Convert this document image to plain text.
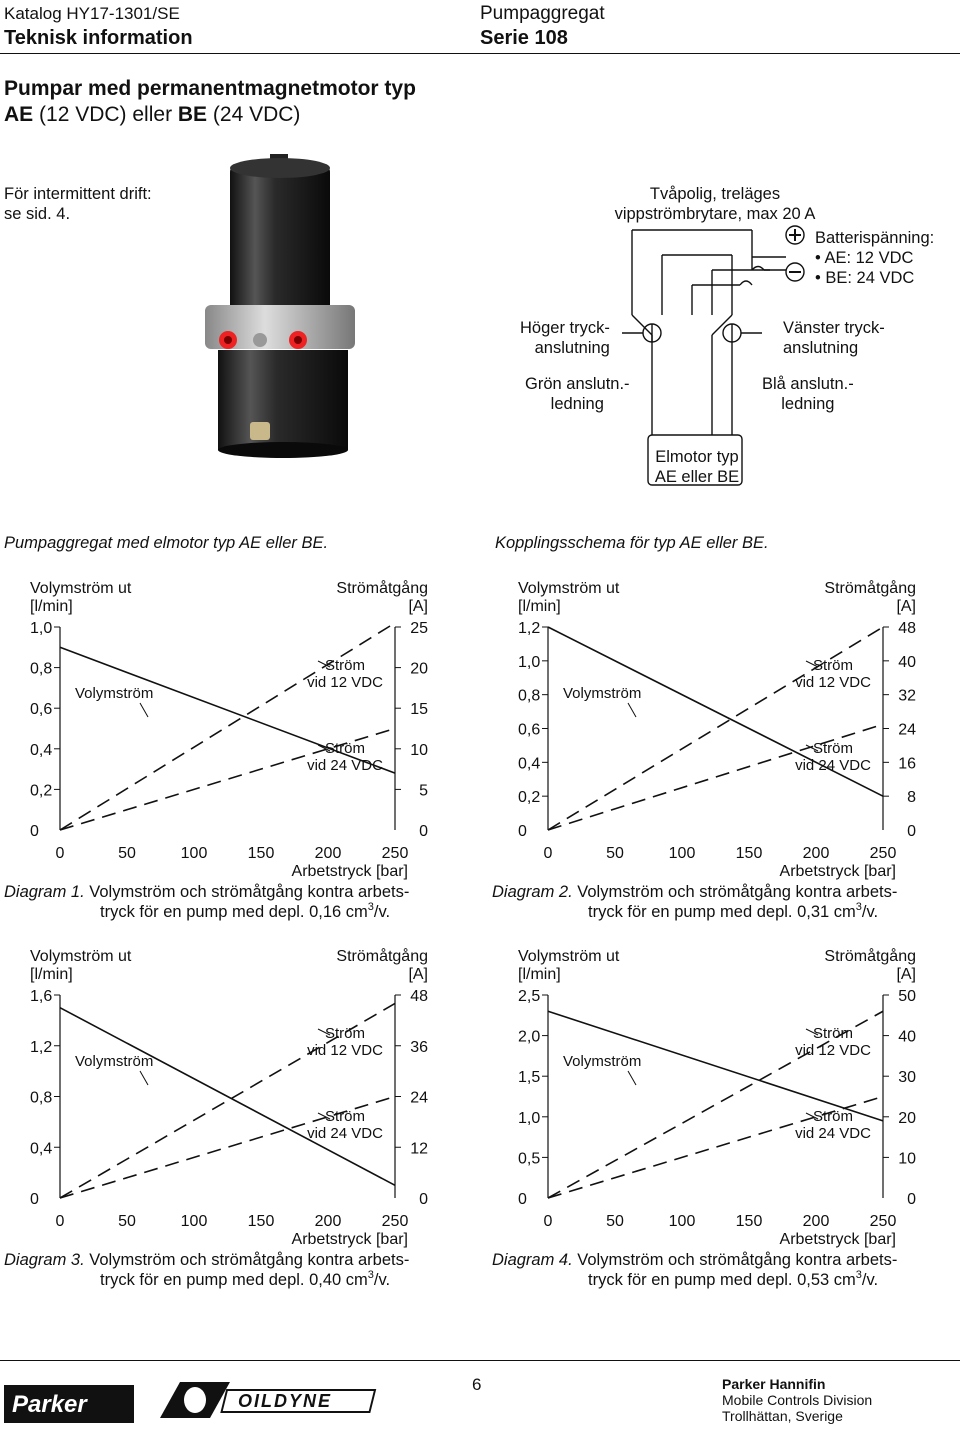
Katalog HY17-1301/SE
Teknisk information
Pumpaggregat
Serie 108
Pumpar med permanentmagnetmotor typ
AE (12 VDC) eller BE (24 VDC)
För intermittent drift:
se sid. 4.
Tvåpolig, treläges
vippströmbrytare, max 20 A
Batterispänning:
• AE: 12 VDC
• BE: 24 VDC
Höger tryck-
anslutning
Vänster tryck-
anslutning
Grön anslutn.-
ledning
Blå anslutn.-
ledning
Elmotor typ
AE eller BE
Pumpaggregat med elmotor typ AE eller BE.	Kopplingsschema för typ AE eller BE.
Volymström ut
[l/min]
Strömåtgång
[A]
0
0,2
0,4
0,6
0,8
1,0
0
5
10
15
20
25
0	50	100	150	200	250
Arbetstryck [bar]
Volymström
Ström
vid 12 VDC
Ström
vid 24 VDC
Diagram 1. Volymström och strömåtgång kontra arbets-
tryck för en pump med depl. 0,16 $cm^3/v$.
Volymström ut
[l/min]
Strömåtgång
[A]
0
0,2
0,4
0,6
0,8
1,0
1,2
0
8
16
24
32
40
48
0	50	100	150	200	250
Arbetstryck [bar]
Volymström
Ström
vid 12 VDC
Ström
vid 24 VDC
Diagram 2. Volymström och strömåtgång kontra arbets-
tryck för en pump med depl. 0,31 $cm^3/v$.
Volymström ut
[l/min]
Strömåtgång
[A]
0
0,4
0,8
1,2
1,6
0
12
24
36
48
0	50	100	150	200	250
Arbetstryck [bar]
Volymström
Ström
vid 12 VDC
Ström
vid 24 VDC
Diagram 3. Volymström och strömåtgång kontra arbets-
tryck för en pump med depl. 0,40 $cm^3/v$.
Volymström ut
[l/min]
Strömåtgång
[A]
0
0,5
1,0
1,5
2,0
2,5
0
10
20
30
40
50
0	50	100	150	200	250
Arbetstryck [bar]
Volymström
Ström
vid 12 VDC
Ström
vid 24 VDC
Diagram 4. Volymström och strömåtgång kontra arbets-
tryck för en pump med depl. 0,53 $cm^3/v$.
Parker	OILDYNE
6	Parker Hannifin
Mobile Controls Division
Trollhättan, Sverige
